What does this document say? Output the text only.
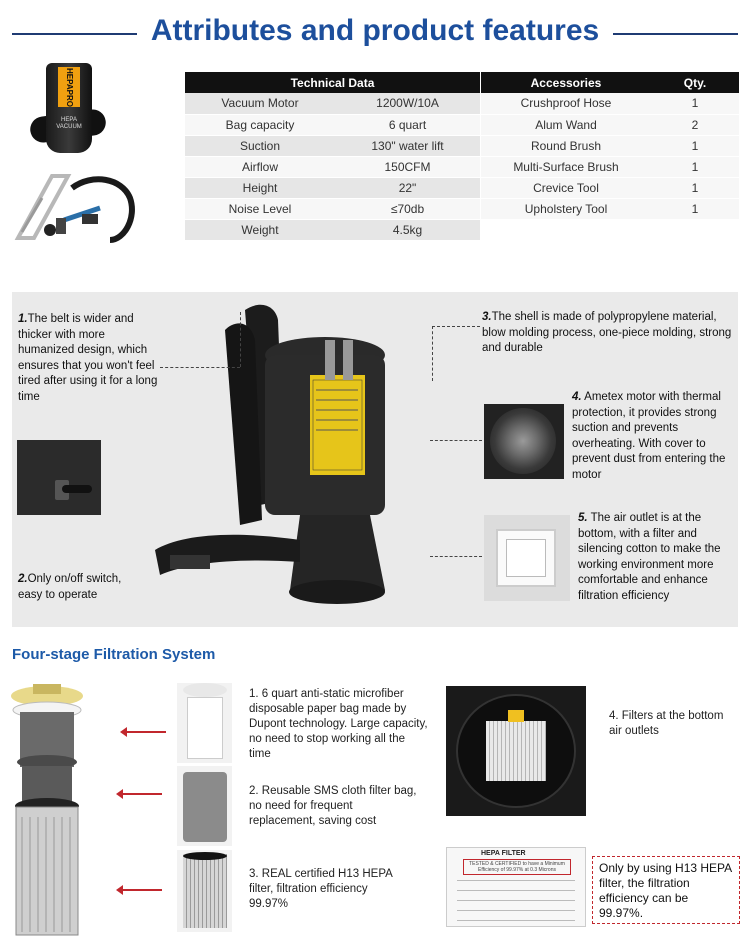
Attributes and product features
HEPAPRO
HEPA
VACUUM
Technical Data	
Vacuum Motor	1200W/10A
Bag capacity	6 quart
Suction	130" water lift
Airflow	150CFM
Height	22"
Noise Level	≤70db
Weight	4.5kg
Accessories	Qty.
Crushproof Hose	1
Alum Wand	2
Round Brush	1
Multi-Surface Brush	1
Crevice Tool	1
Upholstery Tool	1
1.The belt is wider and thicker with more humanized design, which ensures that you won't feel tired after using it for a long time
2.Only on/off switch, easy to operate
3.The shell is made of polypropylene material, blow molding process, one-piece molding, strong and durable
4. Ametex motor with thermal protection, it provides strong suction and prevents overheating. With cover to prevent dust from entering the motor
5. The air outlet is at the bottom, with a filter and silencing cotton to make the working environment more comfortable and enhance filtration efficiency
Four-stage Filtration System
1. 6 quart anti-static microfiber disposable paper bag made by Dupont technology. Large capacity, no need to stop working all the time
2. Reusable SMS cloth filter bag, no need for frequent replacement, saving cost
3. REAL certified H13 HEPA filter, filtration efficiency 99.97%
4. Filters at the bottom air outlets
HEPA FILTER
TESTED & CERTIFIED to have a Minimum Efficiency of 99.97% at 0.3 Microns	Only by using H13 HEPA filter, the filtration efficiency can be 99.97%.
